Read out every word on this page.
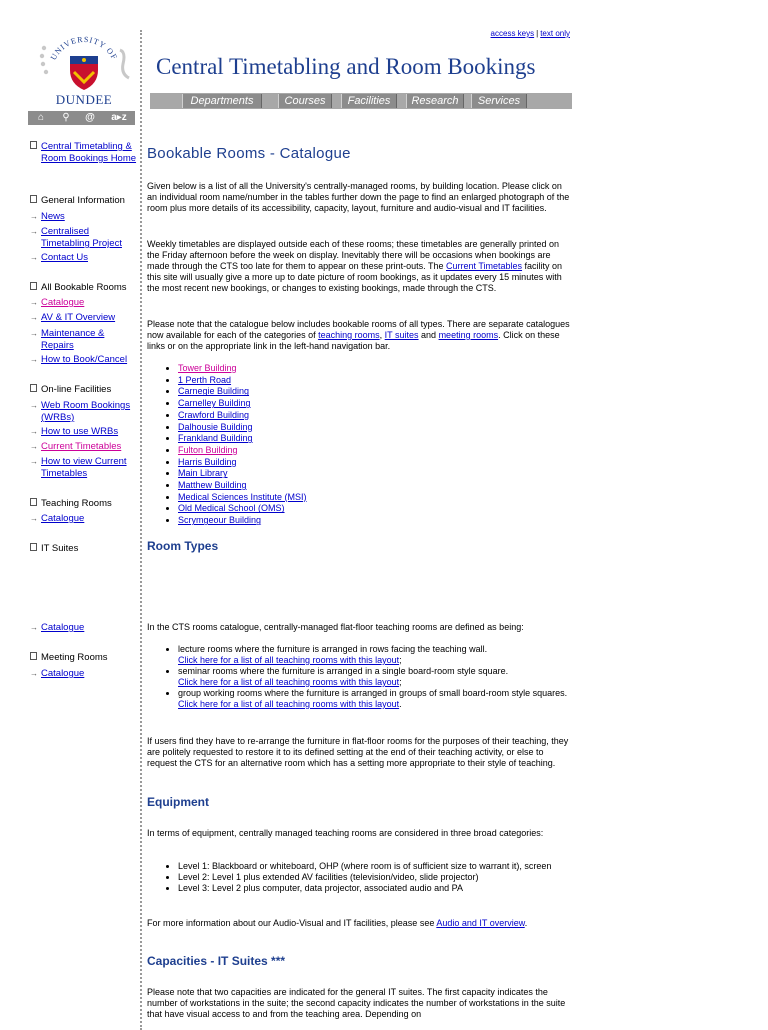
UNIVERSITY OF
DUNDEE
access keys | text only
Central Timetabling and Room Bookings
Departments	Courses	Facilities	Research	Services
⌂	⚲	@	a▸z
Central Timetabling & Room Bookings Home
General Information
→ News
→ Centralised Timetabling Project
→ Contact Us
All Bookable Rooms
→ Catalogue
→ AV & IT Overview
→ Maintenance & Repairs
→ How to Book/Cancel
On-line Facilities
→ Web Room Bookings (WRBs)
→ How to use WRBs
→ Current Timetables
→ How to view Current Timetables
Teaching Rooms
→ Catalogue
IT Suites
→ Catalogue
Meeting Rooms
→ Catalogue
Bookable Rooms - Catalogue

Given below is a list of all the University's centrally-managed rooms, by building location. Please click on an individual room name/number in the tables further down the page to find an enlarged photograph of the room plus more details of its accessibility, capacity, layout, furniture and audio-visual and IT facilities.

Weekly timetables are displayed outside each of these rooms; these timetables are generally printed on the Friday afternoon before the week on display. Inevitably there will be occasions when bookings are made through the CTS too late for them to appear on these print-outs. The Current Timetables facility on this site will usually give a more up to date picture of room bookings, as it updates every 15 minutes with the most recent new bookings, or changes to existing bookings, made through the CTS.

Please note that the catalogue below includes bookable rooms of all types. There are separate catalogues now available for each of the categories of teaching rooms, IT suites and meeting rooms. Click on these links or on the appropriate link in the left-hand navigation bar.

• Tower Building
• 1 Perth Road
• Carnegie Building
• Carnelley Building
• Crawford Building
• Dalhousie Building
• Frankland Building
• Fulton Building
• Harris Building
• Main Library
• Matthew Building
• Medical Sciences Institute (MSI)
• Old Medical School (OMS)
• Scrymgeour Building
Room Types

In the CTS rooms catalogue, centrally-managed flat-floor teaching rooms are defined as being:

• lecture rooms where the furniture is arranged in rows facing the teaching wall.
Click here for a list of all teaching rooms with this layout;
• seminar rooms where the furniture is arranged in a single board-room style square.
Click here for a list of all teaching rooms with this layout;
• group working rooms where the furniture is arranged in groups of small board-room style squares.
Click here for a list of all teaching rooms with this layout.

If users find they have to re-arrange the furniture in flat-floor rooms for the purposes of their teaching, they are politely requested to restore it to its defined setting at the end of their teaching activity, or else to request the CTS for an alternative room which has a setting more appropriate to their style of teaching.

Equipment

In terms of equipment, centrally managed teaching rooms are considered in three broad categories:

• Level 1: Blackboard or whiteboard, OHP (where room is of sufficient size to warrant it), screen
• Level 2: Level 1 plus extended AV facilities (television/video, slide projector)
• Level 3: Level 2 plus computer, data projector, associated audio and PA

For more information about our Audio-Visual and IT facilities, please see Audio and IT overview.

Capacities - IT Suites ***

Please note that two capacities are indicated for the general IT suites. The first capacity indicates the number of workstations in the suite; the second capacity indicates the number of workstations in the suite that have visual access to and from the teaching area. Depending on
